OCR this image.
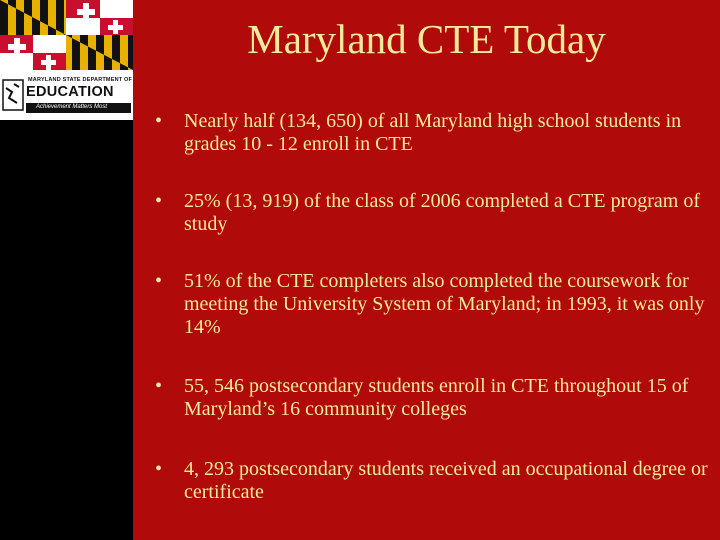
MARYLAND STATE DEPARTMENT OF
EDUCATION
Achievement Matters Most
Maryland CTE Today
• Nearly half (134, 650) of all Maryland high school students in grades 10 - 12 enroll in CTE
• 25% (13, 919) of the class of 2006 completed a CTE program of study
• 51% of the CTE completers also completed the coursework for meeting the University System of Maryland; in 1993, it was only 14%
• 55, 546 postsecondary students enroll in CTE throughout 15 of Maryland’s 16 community colleges
• 4, 293 postsecondary students received an occupational degree or certificate
